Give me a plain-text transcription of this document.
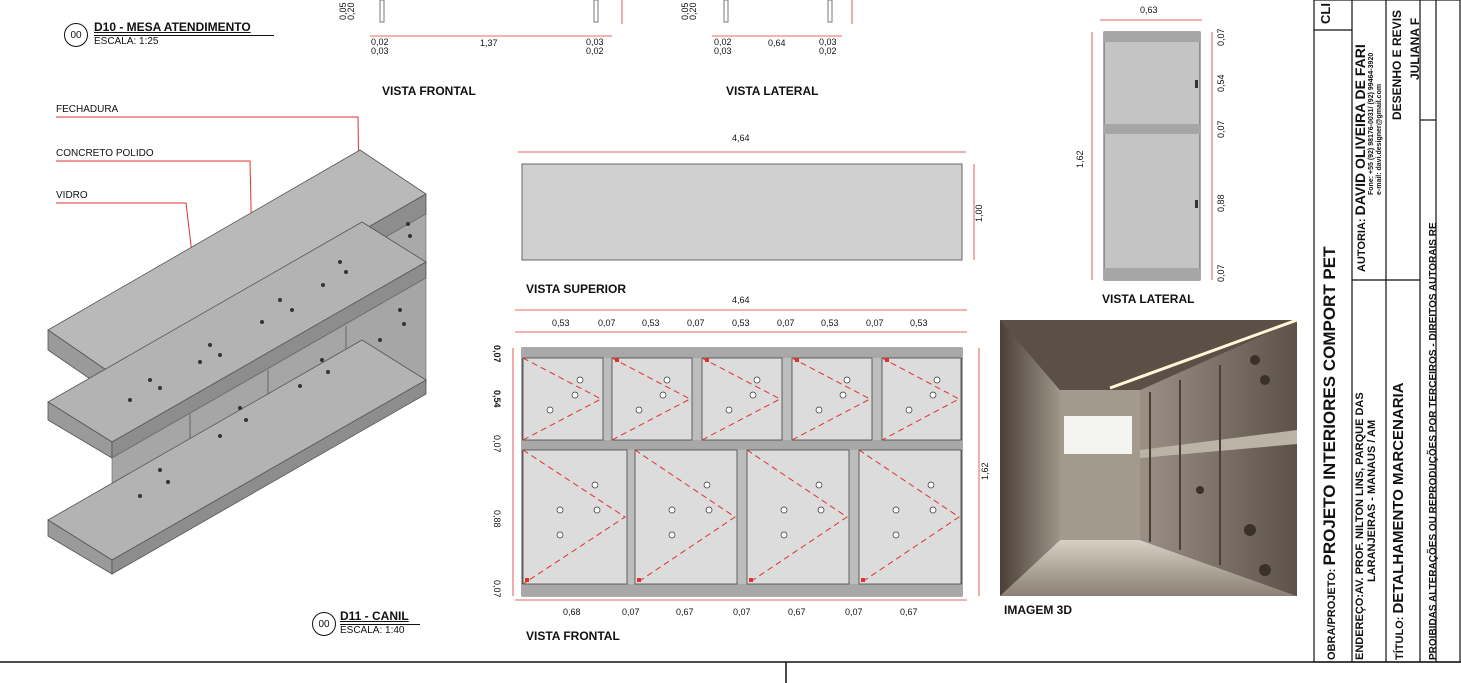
00
D10 - MESA ATENDIMENTO
ESCALA: 1:25
00
D11 - CANIL
ESCALA: 1:40
FECHADURA
CONCRETO POLIDO
VIDRO
0,05
0,20
0,02
0,03
1,37	0,03
0,02
VISTA FRONTAL
0,05
0,20
0,02
0,03
0,64	0,03
0,02
VISTA LATERAL
4,64
1,00
VISTA SUPERIOR
4,64
0,53	0,07	0,53	0,07	0,53	0,07	0,53	0,07	0,53
1,62
0,07
0,54
0,07
0,88
0,07
0,68	0,07	0,67	0,07	0,67	0,07	0,67
VISTA FRONTAL
0,63
1,62
0,07
0,54
0,07
0,88
0,07
VISTA LATERAL
IMAGEM 3D	OBRA/PROJETO: PROJETO INTERIORES COMPORT PET
CLI
ENDEREÇO:AV. PROF. NILTON LINS, PARQUE DAS
LARANJEIRAS - MANAUS / AM
AUTORIA: DAVID OLIVEIRA DE FARI Fone: +55 (92) 98176-0031/ (92) 99464-3920
e-mail: davi.designer@gmail.com
TÍTULO: DETALHAMENTO MARCENARIA
DESENHO E REVIS JULIANA F
PROIBIDAS ALTERAÇÕES OU REPRODUÇÕES POR TERCEIROS - DIREITOS AUTORAIS RE
